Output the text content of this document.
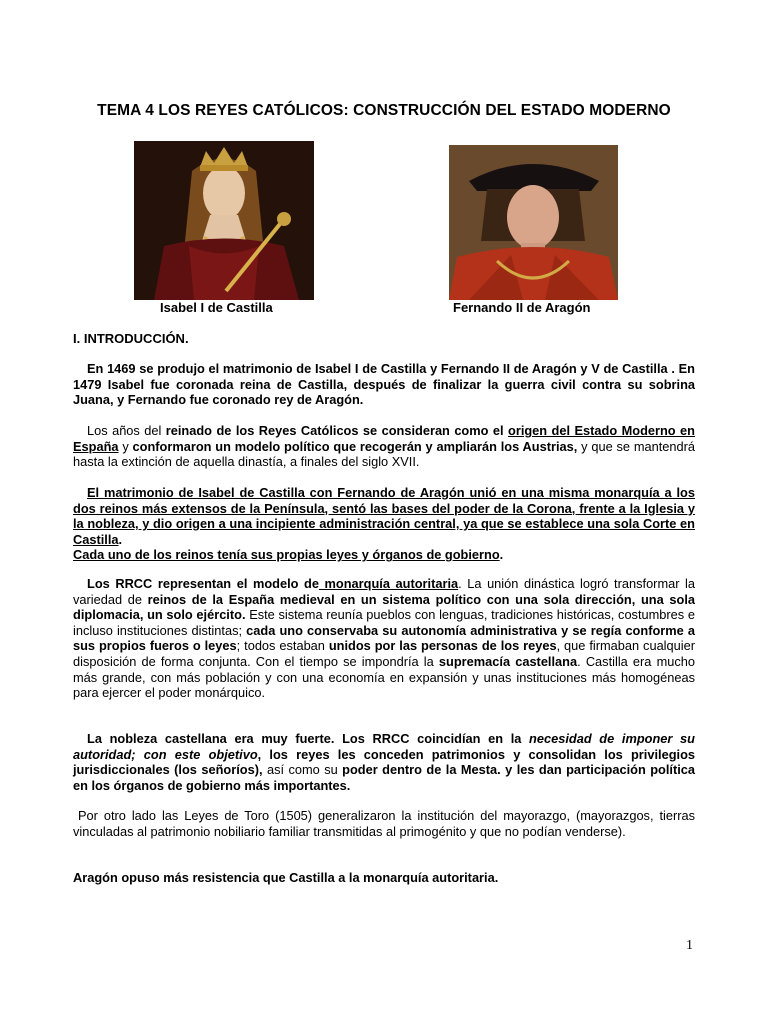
TEMA 4 LOS REYES CATÓLICOS: CONSTRUCCIÓN DEL ESTADO MODERNO
Isabel I de Castilla	Fernando II de Aragón
I. INTRODUCCIÓN.
En 1469 se produjo el matrimonio de Isabel I de Castilla y Fernando II de Aragón y V de Castilla . En 1479 Isabel fue coronada reina de Castilla, después de finalizar la guerra civil contra su sobrina Juana, y Fernando fue coronado rey de Aragón.
Los años del reinado de los Reyes Católicos se consideran como el origen del Estado Moderno en España y conformaron un modelo político que recogerán y ampliarán los Austrias, y que se mantendrá hasta la extinción de aquella dinastía, a finales del siglo XVII.
El matrimonio de Isabel de Castilla con Fernando de Aragón unió en una misma monarquía a los dos reinos más extensos de la Península, sentó las bases del poder de la Corona, frente a la Iglesia y la nobleza, y dio origen a una incipiente administración central, ya que se establece una sola Corte en Castilla.
Cada uno de los reinos tenía sus propias leyes y órganos de gobierno.
Los RRCC representan el modelo de monarquía autoritaria. La unión dinástica logró transformar la variedad de reinos de la España medieval en un sistema político con una sola dirección, una sola diplomacia, un solo ejército. Este sistema reunía pueblos con lenguas, tradiciones históricas, costumbres e incluso instituciones distintas; cada uno conservaba su autonomía administrativa y se regía conforme a sus propios fueros o leyes; todos estaban unidos por las personas de los reyes, que firmaban cualquier disposición de forma conjunta. Con el tiempo se impondría la supremacía castellana. Castilla era mucho más grande, con más población y con una economía en expansión y unas instituciones más homogéneas para ejercer el poder monárquico.
La nobleza castellana era muy fuerte. Los RRCC coincidían en la necesidad de imponer su autoridad; con este objetivo, los reyes les conceden patrimonios y consolidan los privilegios jurisdiccionales (los señoríos), así como su poder dentro de la Mesta. y les dan participación política en los órganos de gobierno más importantes.
Por otro lado las Leyes de Toro (1505) generalizaron la institución del mayorazgo, (mayorazgos, tierras vinculadas al patrimonio nobiliario familiar transmitidas al primogénito y que no podían venderse).
Aragón opuso más resistencia que Castilla a la monarquía autoritaria.
1
